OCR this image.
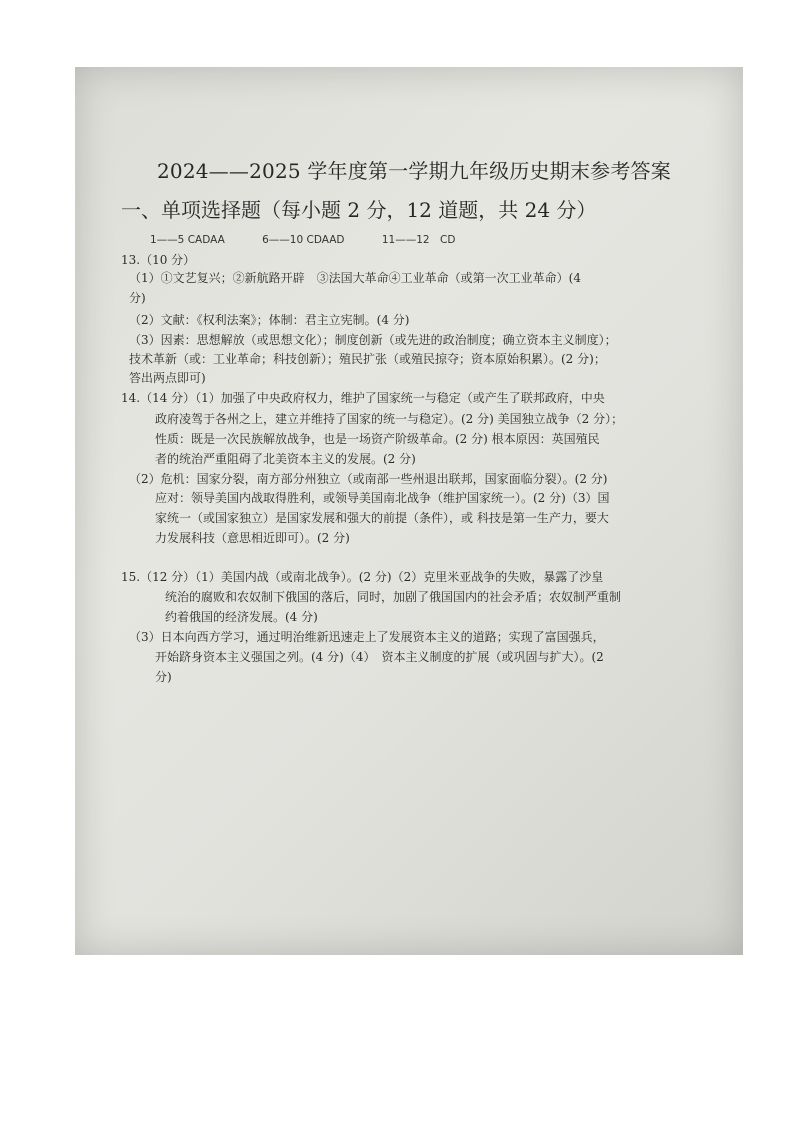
2024——2025 学年度第一学期九年级历史期末参考答案
一、单项选择题（每小题 2 分，12 道题，共 24 分）
1——5 CADAA	6——10 CDAAD	11——12　CD
13.（10 分）
（1）①文艺复兴；②新航路开辟　③法国大革命④工业革命（或第一次工业革命）(4
分)
（2）文献：《权利法案》；体制：君主立宪制。(4 分)
（3）因素：思想解放（或思想文化）；制度创新（或先进的政治制度；确立资本主义制度）；
技术革新（或：工业革命；科技创新）；殖民扩张（或殖民掠夺；资本原始积累）。(2 分)；
答出两点即可)
14.（14 分）（1）加强了中央政府权力，维护了国家统一与稳定（或产生了联邦政府，中央
政府凌驾于各州之上，建立并维持了国家的统一与稳定）。(2 分) 美国独立战争（2 分）；
性质：既是一次民族解放战争，也是一场资产阶级革命。(2 分) 根本原因：英国殖民
者的统治严重阻碍了北美资本主义的发展。(2 分)
（2）危机：国家分裂，南方部分州独立（或南部一些州退出联邦，国家面临分裂）。(2 分)
应对：领导美国内战取得胜利，或领导美国南北战争（维护国家统一）。(2 分)（3）国
家统一（或国家独立）是国家发展和强大的前提（条件），或 科技是第一生产力，要大
力发展科技（意思相近即可）。(2 分)
15.（12 分）（1）美国内战（或南北战争）。(2 分)（2）克里米亚战争的失败，暴露了沙皇
统治的腐败和农奴制下俄国的落后，同时，加剧了俄国国内的社会矛盾；农奴制严重制
约着俄国的经济发展。(4 分)
（3）日本向西方学习，通过明治维新迅速走上了发展资本主义的道路；实现了富国强兵，
开始跻身资本主义强国之列。(4 分)（4）　资本主义制度的扩展（或巩固与扩大）。(2
分)
